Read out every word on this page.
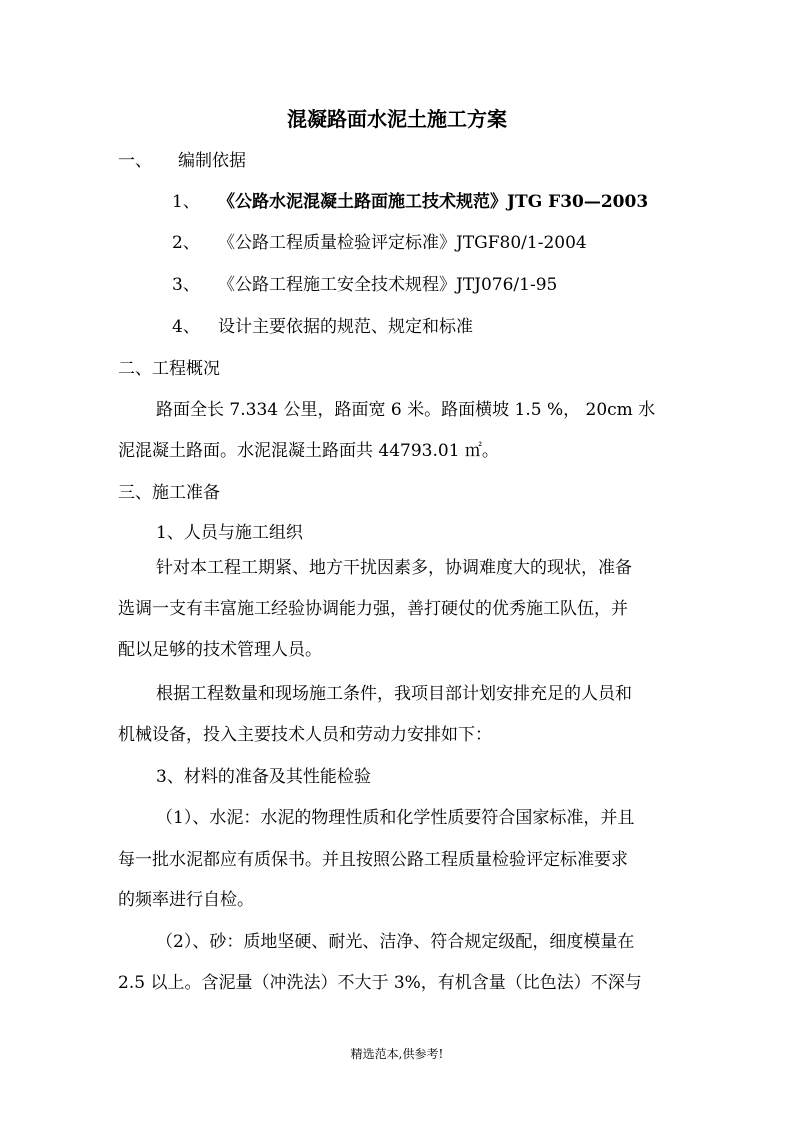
混凝路面水泥土施工方案
一、 编制依据
1、 《公路水泥混凝土路面施工技术规范》JTG F30—2003
2、 《公路工程质量检验评定标准》JTGF80/1-2004
3、 《公路工程施工安全技术规程》JTJ076/1-95
4、 设计主要依据的规范、规定和标准
二、工程概况
路面全长 7.334 公里，路面宽 6 米。路面横坡 1.5 %， 20cm 水
泥混凝土路面。水泥混凝土路面共 44793.01 ㎡。
三、施工准备
1、人员与施工组织
针对本工程工期紧、地方干扰因素多，协调难度大的现状，准备
选调一支有丰富施工经验协调能力强，善打硬仗的优秀施工队伍，并
配以足够的技术管理人员。
根据工程数量和现场施工条件，我项目部计划安排充足的人员和
机械设备，投入主要技术人员和劳动力安排如下：
3、材料的准备及其性能检验
（1）、水泥：水泥的物理性质和化学性质要符合国家标准，并且
每一批水泥都应有质保书。并且按照公路工程质量检验评定标准要求
的频率进行自检。
（2）、砂：质地坚硬、耐光、洁净、符合规定级配，细度模量在
2.5 以上。含泥量（冲洗法）不大于 3%，有机含量（比色法）不深与
精选范本,供参考!
